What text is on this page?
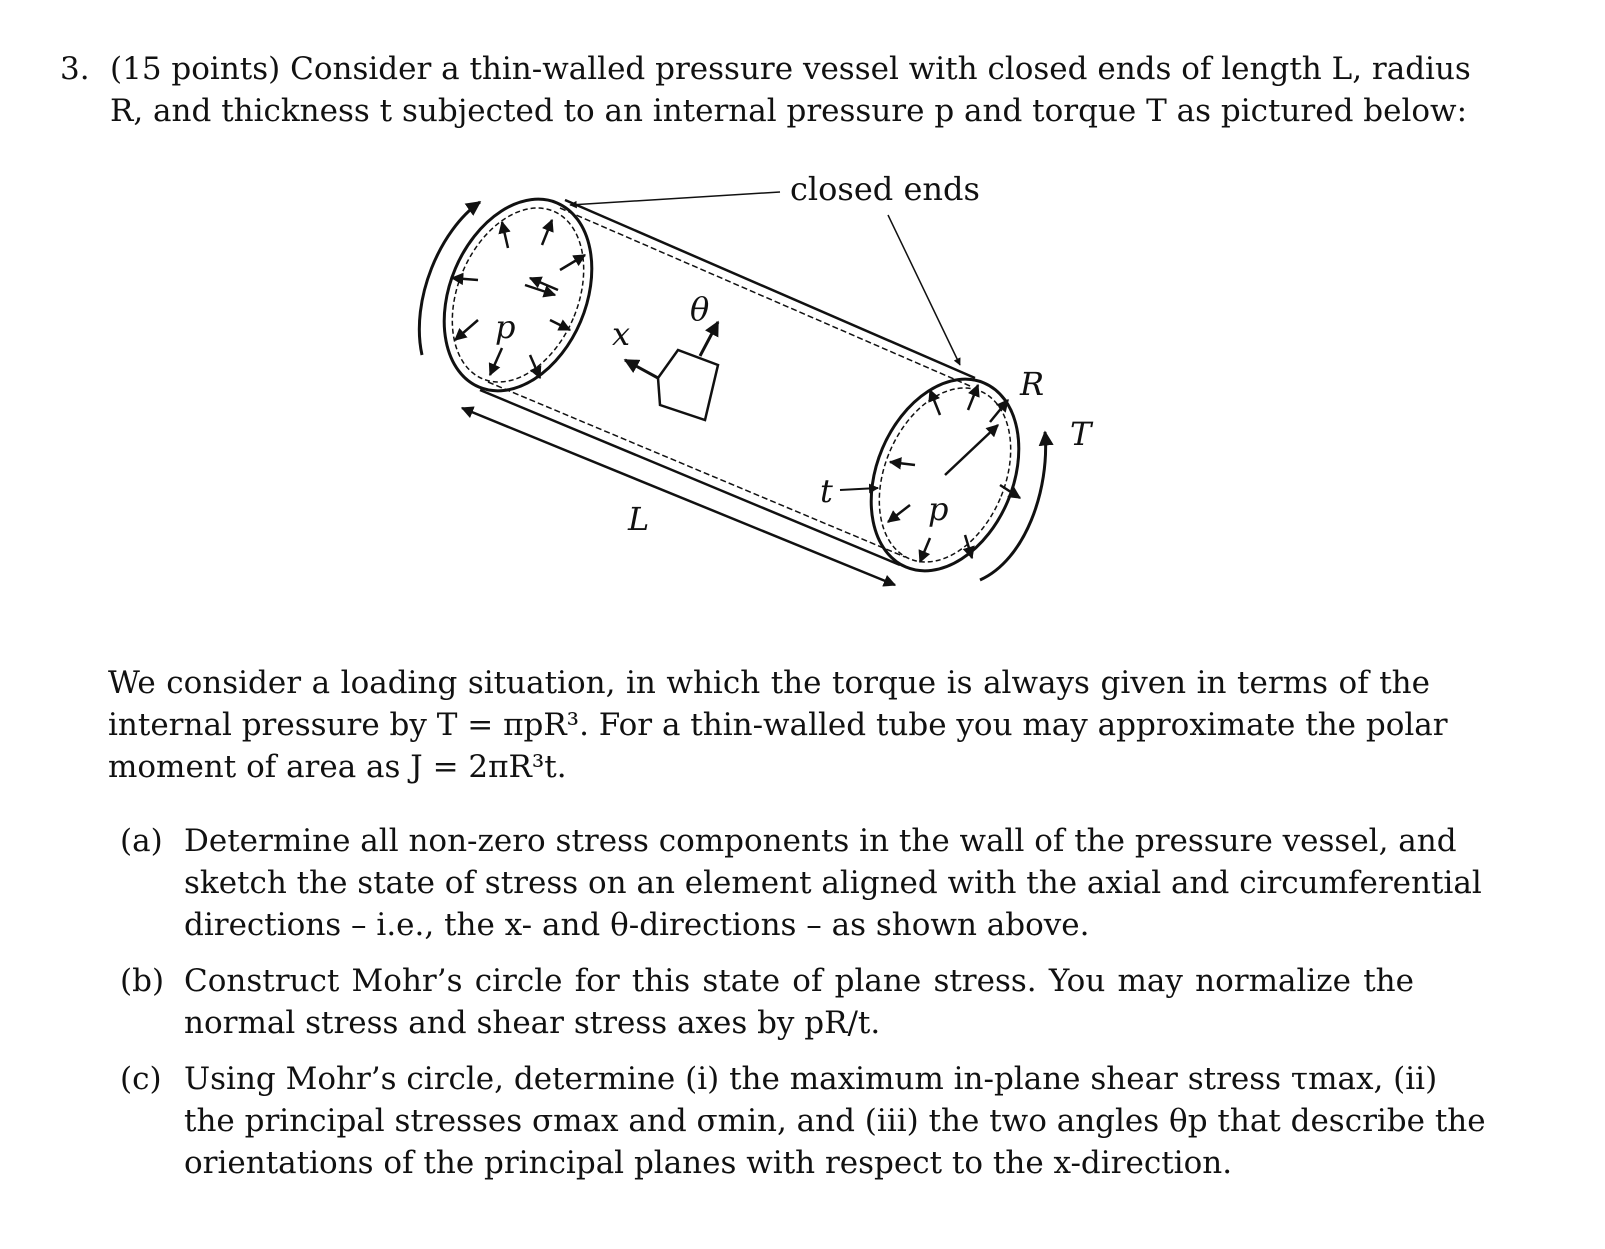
3. (15 points) Consider a thin-walled pressure vessel with closed ends of length L, radius
R, and thickness t subjected to an internal pressure p and torque T as pictured below:
p
p
T
R
t
closed ends
x
θ
L
We consider a loading situation, in which the torque is always given in terms of the
internal pressure by T = πpR³. For a thin-walled tube you may approximate the polar
moment of area as J = 2πR³t.
(a) Determine all non-zero stress components in the wall of the pressure vessel, and
sketch the state of stress on an element aligned with the axial and circumferential
directions – i.e., the x- and θ-directions – as shown above.
(b) Construct Mohr’s circle for this state of plane stress. You may normalize the
normal stress and shear stress axes by pR/t.
(c) Using Mohr’s circle, determine (i) the maximum in-plane shear stress τmax, (ii)
the principal stresses σmax and σmin, and (iii) the two angles θp that describe the
orientations of the principal planes with respect to the x-direction.
